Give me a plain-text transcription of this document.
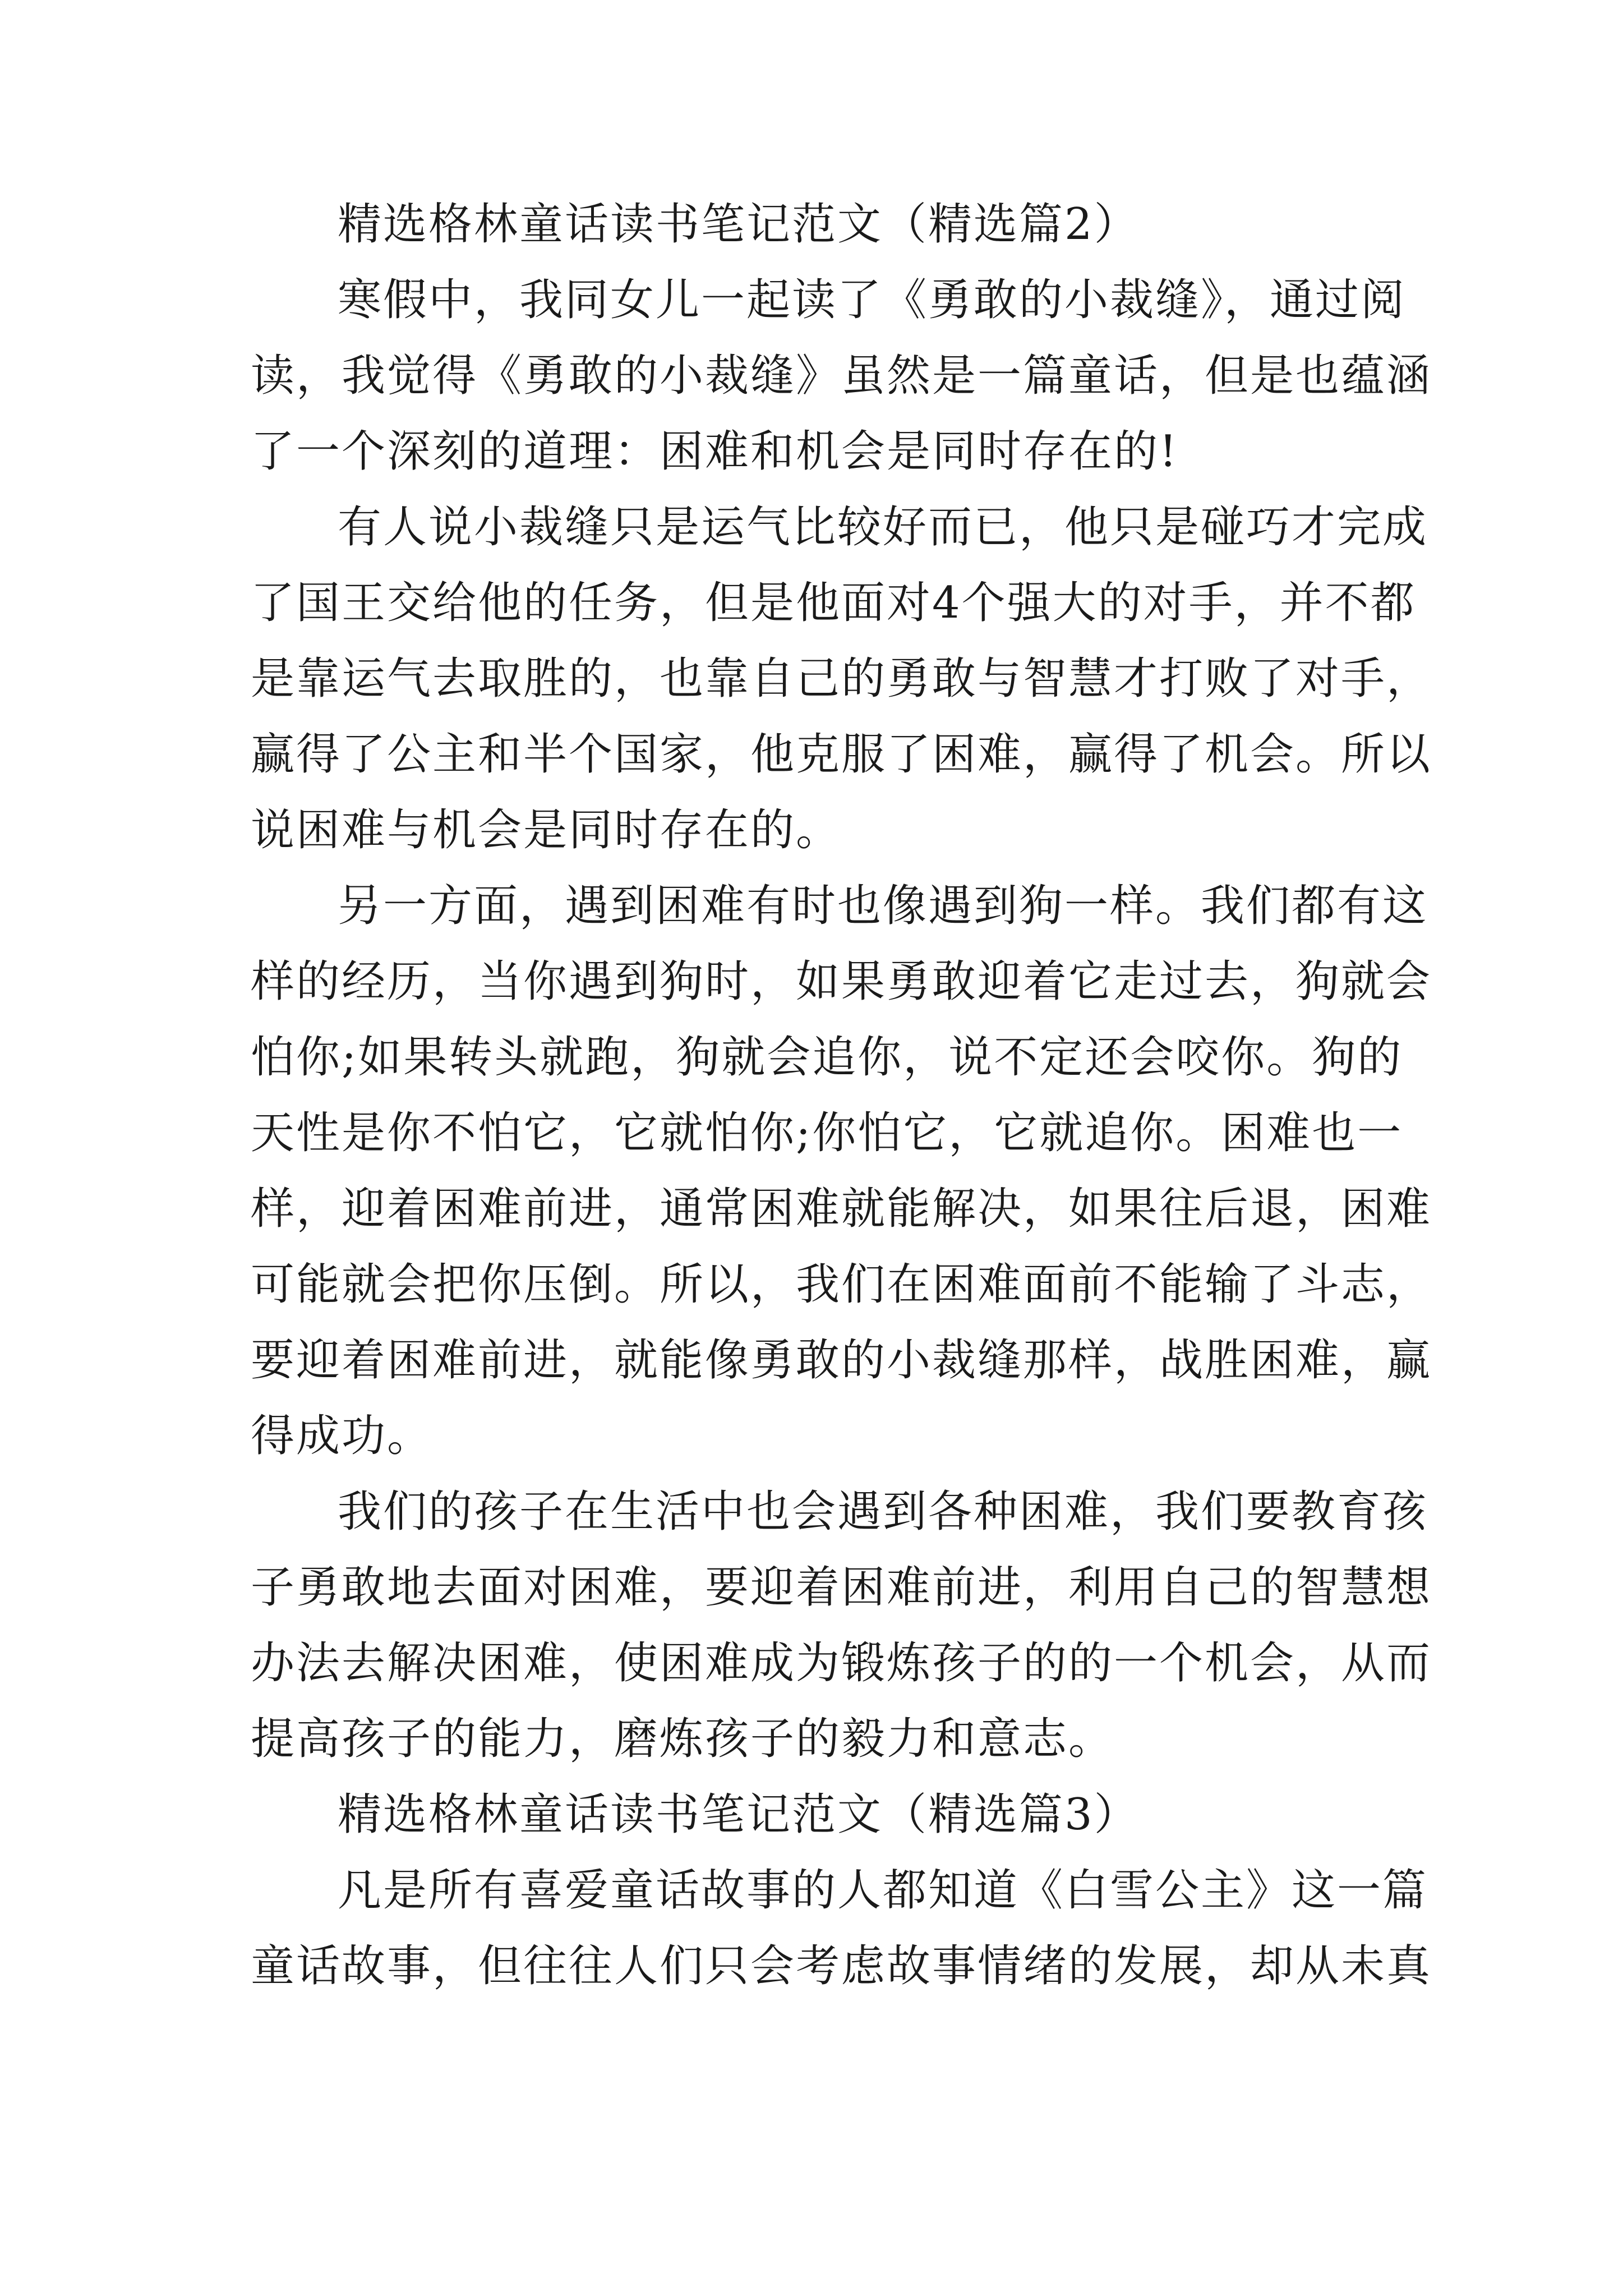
精选格林童话读书笔记范文（精选篇2）
寒假中，我同女儿一起读了《勇敢的小裁缝》，通过阅
读，我觉得《勇敢的小裁缝》虽然是一篇童话，但是也蕴涵
了一个深刻的道理：困难和机会是同时存在的!
有人说小裁缝只是运气比较好而已，他只是碰巧才完成
了国王交给他的任务，但是他面对4个强大的对手，并不都
是靠运气去取胜的，也靠自己的勇敢与智慧才打败了对手，
赢得了公主和半个国家，他克服了困难，赢得了机会。所以
说困难与机会是同时存在的。
另一方面，遇到困难有时也像遇到狗一样。我们都有这
样的经历，当你遇到狗时，如果勇敢迎着它走过去，狗就会
怕你;如果转头就跑，狗就会追你，说不定还会咬你。狗的
天性是你不怕它，它就怕你;你怕它，它就追你。困难也一
样，迎着困难前进，通常困难就能解决，如果往后退，困难
可能就会把你压倒。所以，我们在困难面前不能输了斗志，
要迎着困难前进，就能像勇敢的小裁缝那样，战胜困难，赢
得成功。
我们的孩子在生活中也会遇到各种困难，我们要教育孩
子勇敢地去面对困难，要迎着困难前进，利用自己的智慧想
办法去解决困难，使困难成为锻炼孩子的的一个机会，从而
提高孩子的能力，磨炼孩子的毅力和意志。
精选格林童话读书笔记范文（精选篇3）
凡是所有喜爱童话故事的人都知道《白雪公主》这一篇
童话故事，但往往人们只会考虑故事情绪的发展，却从未真
